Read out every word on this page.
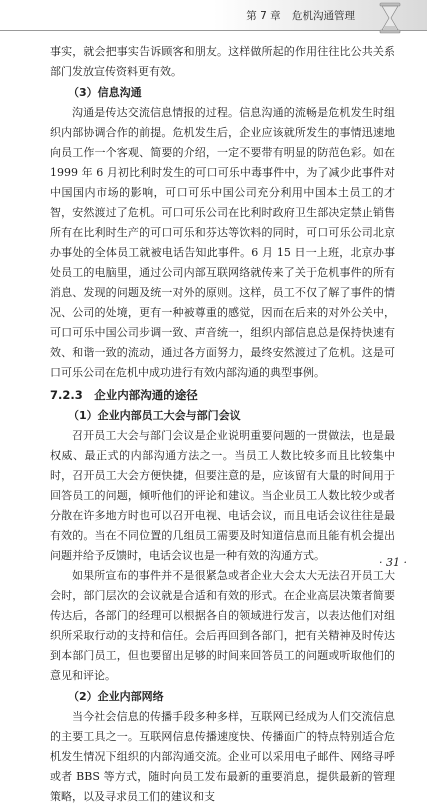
第 7 章 危机沟通管理

事实，就会把事实告诉顾客和朋友。这样做所起的作用往往比公共关系部门发放宣传资料更有效。

（3）信息沟通

沟通是传达交流信息情报的过程。信息沟通的流畅是危机发生时组织内部协调合作的前提。危机发生后，企业应该就所发生的事情迅速地向员工作一个客观、简要的介绍，一定不要带有明显的防范色彩。如在 1999 年 6 月初比利时发生的可口可乐中毒事件中，为了减少此事件对中国国内市场的影响，可口可乐中国公司充分利用中国本土员工的才智，安然渡过了危机。可口可乐公司在比利时政府卫生部决定禁止销售所有在比利时生产的可口可乐和芬达等饮料的同时，可口可乐公司北京办事处的全体员工就被电话告知此事件。6 月 15 日一上班，北京办事处员工的电脑里，通过公司内部互联网络就传来了关于危机事件的所有消息、发现的问题及统一对外的原则。这样，员工不仅了解了事件的情况、公司的处境，更有一种被尊重的感觉，因而在后来的对外公关中，可口可乐中国公司步调一致、声音统一，组织内部信息总是保持快速有效、和谐一致的流动，通过各方面努力，最终安然渡过了危机。这是可口可乐公司在危机中成功进行有效内部沟通的典型事例。

7.2.3　企业内部沟通的途径
（1）企业内部员工大会与部门会议

召开员工大会与部门会议是企业说明重要问题的一贯做法，也是最权威、最正式的内部沟通方法之一。当员工人数比较多而且比较集中时，召开员工大会方便快捷，但要注意的是，应该留有大量的时间用于回答员工的问题，倾听他们的评论和建议。当企业员工人数比较少或者分散在许多地方时也可以召开电视、电话会议，而且电话会议往往是最有效的。当在不同位置的几组员工需要及时知道信息而且能有机会提出问题并给予反馈时，电话会议也是一种有效的沟通方式。

如果所宣布的事件并不是很紧急或者企业大会太大无法召开员工大会时，部门层次的会议就是合适和有效的形式。在企业高层决策者简要传达后，各部门的经理可以根据各自的领域进行发言，以表达他们对组织所采取行动的支持和信任。会后再回到各部门，把有关精神及时传达到本部门员工，但也要留出足够的时间来回答员工的问题或听取他们的意见和评论。

（2）企业内部网络

当今社会信息的传播手段多种多样，互联网已经成为人们交流信息的主要工具之一。互联网信息传播速度快、传播面广的特点特别适合危机发生情况下组织的内部沟通交流。企业可以采用电子邮件、网络寻呼或者 BBS 等方式，随时向员工发布最新的重要消息，提供最新的管理策略，以及寻求员工们的建议和支

· 31 ·
